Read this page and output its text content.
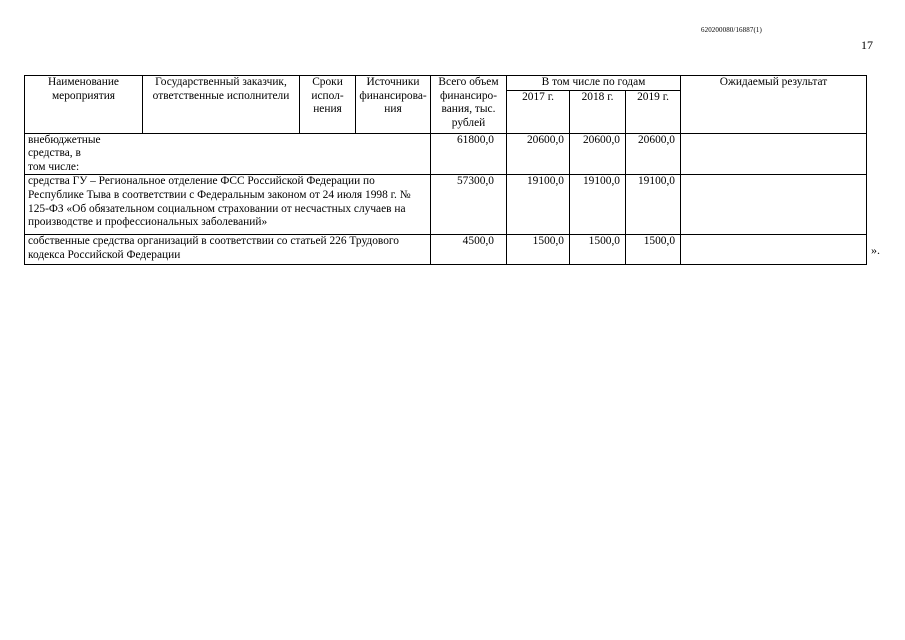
620200080/16887(1)
17
Наименование мероприятия	Государственный заказчик, ответственные исполнители	Сроки испол-нения	Источники финансирова-ния	Всего объем финансиро-вания, тыс. рублей	В том числе по годам			Ожидаемый результат
					2017 г.	2018 г.	2019 г.	
внебюджетные средства, в том числе:				61800,0	20600,0	20600,0	20600,0	
средства ГУ – Региональное отделение ФСС Российской Федерации по Республике Тыва в соответствии с Федеральным законом от 24 июля 1998 г. № 125-ФЗ «Об обязательном социальном страховании от несчастных случаев на производстве и профессиональных заболеваний»				57300,0	19100,0	19100,0	19100,0	
собственные средства организаций в соответствии со статьей 226 Трудового кодекса Российской Федерации				4500,0	1500,0	1500,0	1500,0	
».
